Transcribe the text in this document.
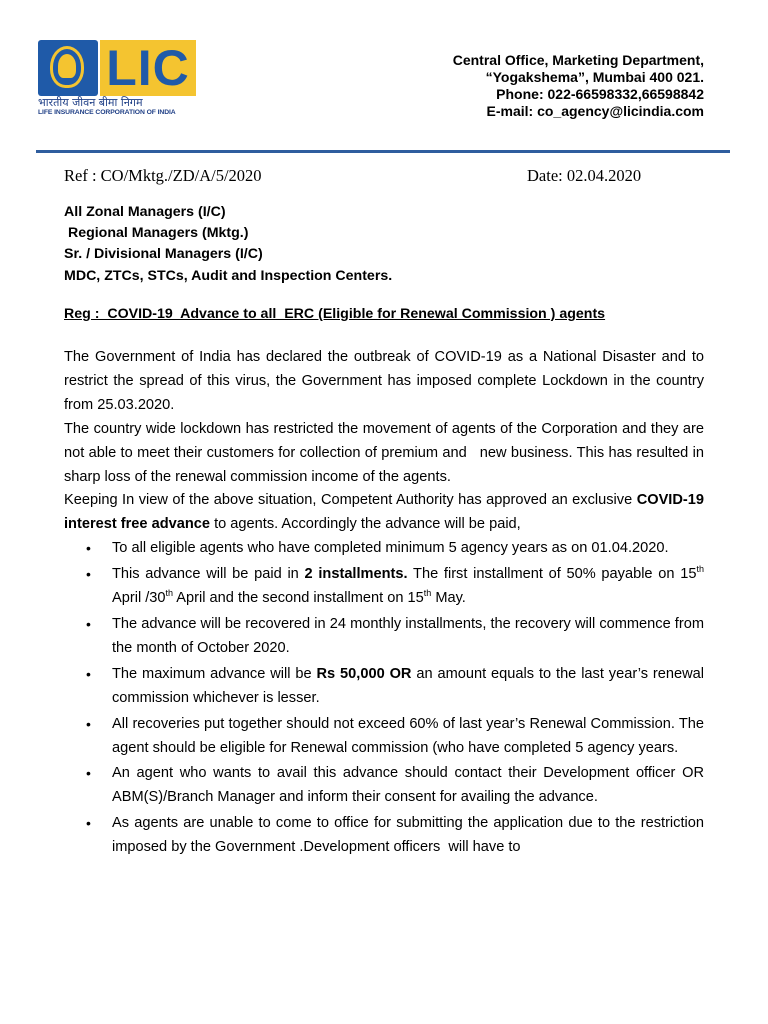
LIC
भारतीय जीवन बीमा निगम
LIFE INSURANCE CORPORATION OF INDIA
Central Office, Marketing Department,
“Yogakshema”, Mumbai 400 021.
Phone: 022-66598332,66598842
E-mail: co_agency@licindia.com
Ref : CO/Mktg./ZD/A/5/2020	Date: 02.04.2020
All Zonal Managers (I/C)
Regional Managers (Mktg.)
Sr. / Divisional Managers (I/C)
MDC, ZTCs, STCs, Audit and Inspection Centers.
Reg :  COVID-19  Advance to all  ERC (Eligible for Renewal Commission ) agents

The Government of India has declared the outbreak of COVID-19 as a National Disaster and to restrict the spread of this virus, the Government has imposed complete Lockdown in the country from 25.03.2020.

The country wide lockdown has restricted the movement of agents of the Corporation and they are not able to meet their customers for collection of premium and   new business. This has resulted in sharp loss of the renewal commission income of the agents.

Keeping In view of the above situation, Competent Authority has approved an exclusive COVID-19 interest free advance to agents. Accordingly the advance will be paid,

• To all eligible agents who have completed minimum 5 agency years as on 01.04.2020.
• This advance will be paid in 2 installments. The first installment of 50% payable on 15th April /30th April and the second installment on 15th May.
• The advance will be recovered in 24 monthly installments, the recovery will commence from the month of October 2020.
• The maximum advance will be Rs 50,000 OR an amount equals to the last year’s renewal commission whichever is lesser.
• All recoveries put together should not exceed 60% of last year’s Renewal Commission. The agent should be eligible for Renewal commission (who have completed 5 agency years.
• An agent who wants to avail this advance should contact their Development officer OR ABM(S)/Branch Manager and inform their consent for availing the advance.
• As agents are unable to come to office for submitting the application due to the restriction imposed by the Government .Development officers  will have to
